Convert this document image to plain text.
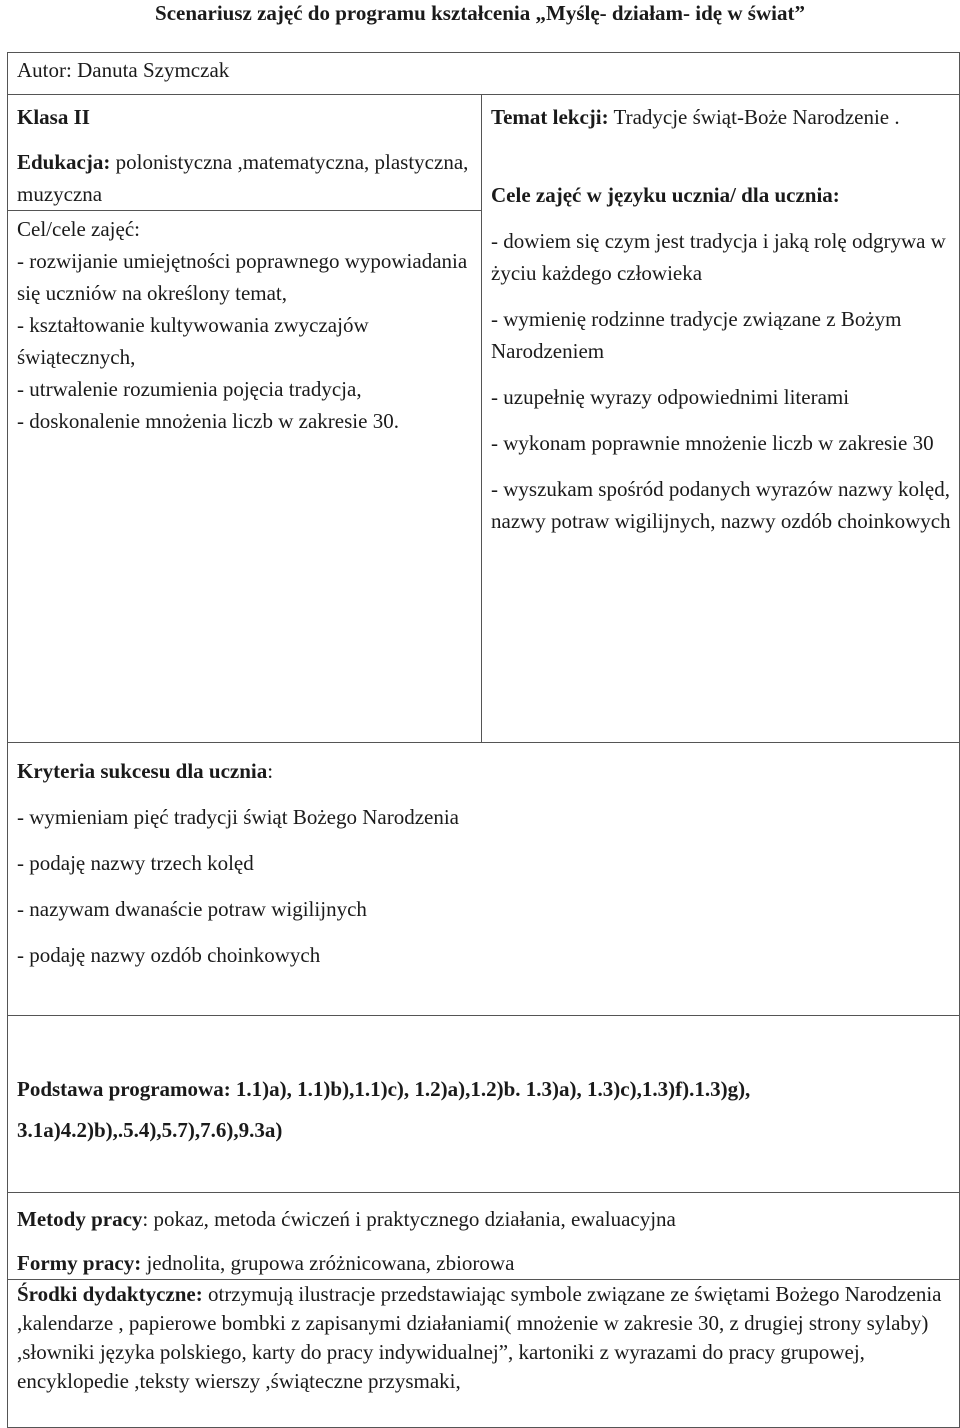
Scenariusz zajęć do programu kształcenia „Myślę- działam- idę w świat”

Autor: Danuta Szymczak

Klasa II

Edukacja: polonistyczna ,matematyczna, plastyczna, muzyczna

Temat lekcji: Tradycje świąt-Boże Narodzenie .

Cele zajęć w języku ucznia/ dla ucznia:

- dowiem się czym jest tradycja i jaką rolę odgrywa w życiu każdego człowieka

- wymienię rodzinne tradycje związane z Bożym Narodzeniem

- uzupełnię wyrazy odpowiednimi literami

- wykonam poprawnie mnożenie liczb w zakresie 30

- wyszukam spośród podanych wyrazów nazwy kolęd, nazwy potraw wigilijnych, nazwy ozdób choinkowych

Cel/cele zajęć:

- rozwijanie umiejętności poprawnego wypowiadania się uczniów na określony temat,

- kształtowanie kultywowania zwyczajów świątecznych,

- utrwalenie rozumienia pojęcia tradycja,

- doskonalenie mnożenia liczb w zakresie 30.

Kryteria sukcesu dla ucznia:

- wymieniam pięć tradycji świąt Bożego Narodzenia

- podaję nazwy trzech kolęd

- nazywam dwanaście potraw wigilijnych

- podaję nazwy ozdób choinkowych

Podstawa programowa: 1.1)a), 1.1)b),1.1)c), 1.2)a),1.2)b. 1.3)a), 1.3)c),1.3)f).1.3)g),

3.1a)4.2)b),.5.4),5.7),7.6),9.3a)

Metody pracy: pokaz, metoda ćwiczeń i praktycznego działania, ewaluacyjna

Formy pracy: jednolita, grupowa zróżnicowana, zbiorowa

Środki dydaktyczne: otrzymują ilustracje przedstawiając symbole związane ze świętami Bożego Narodzenia ,kalendarze , papierowe bombki z zapisanymi działaniami( mnożenie w zakresie 30, z drugiej strony sylaby) ,słowniki języka polskiego, karty do pracy indywidualnej”, kartoniki z wyrazami do pracy grupowej, encyklopedie ,teksty wierszy ,świąteczne przysmaki,
